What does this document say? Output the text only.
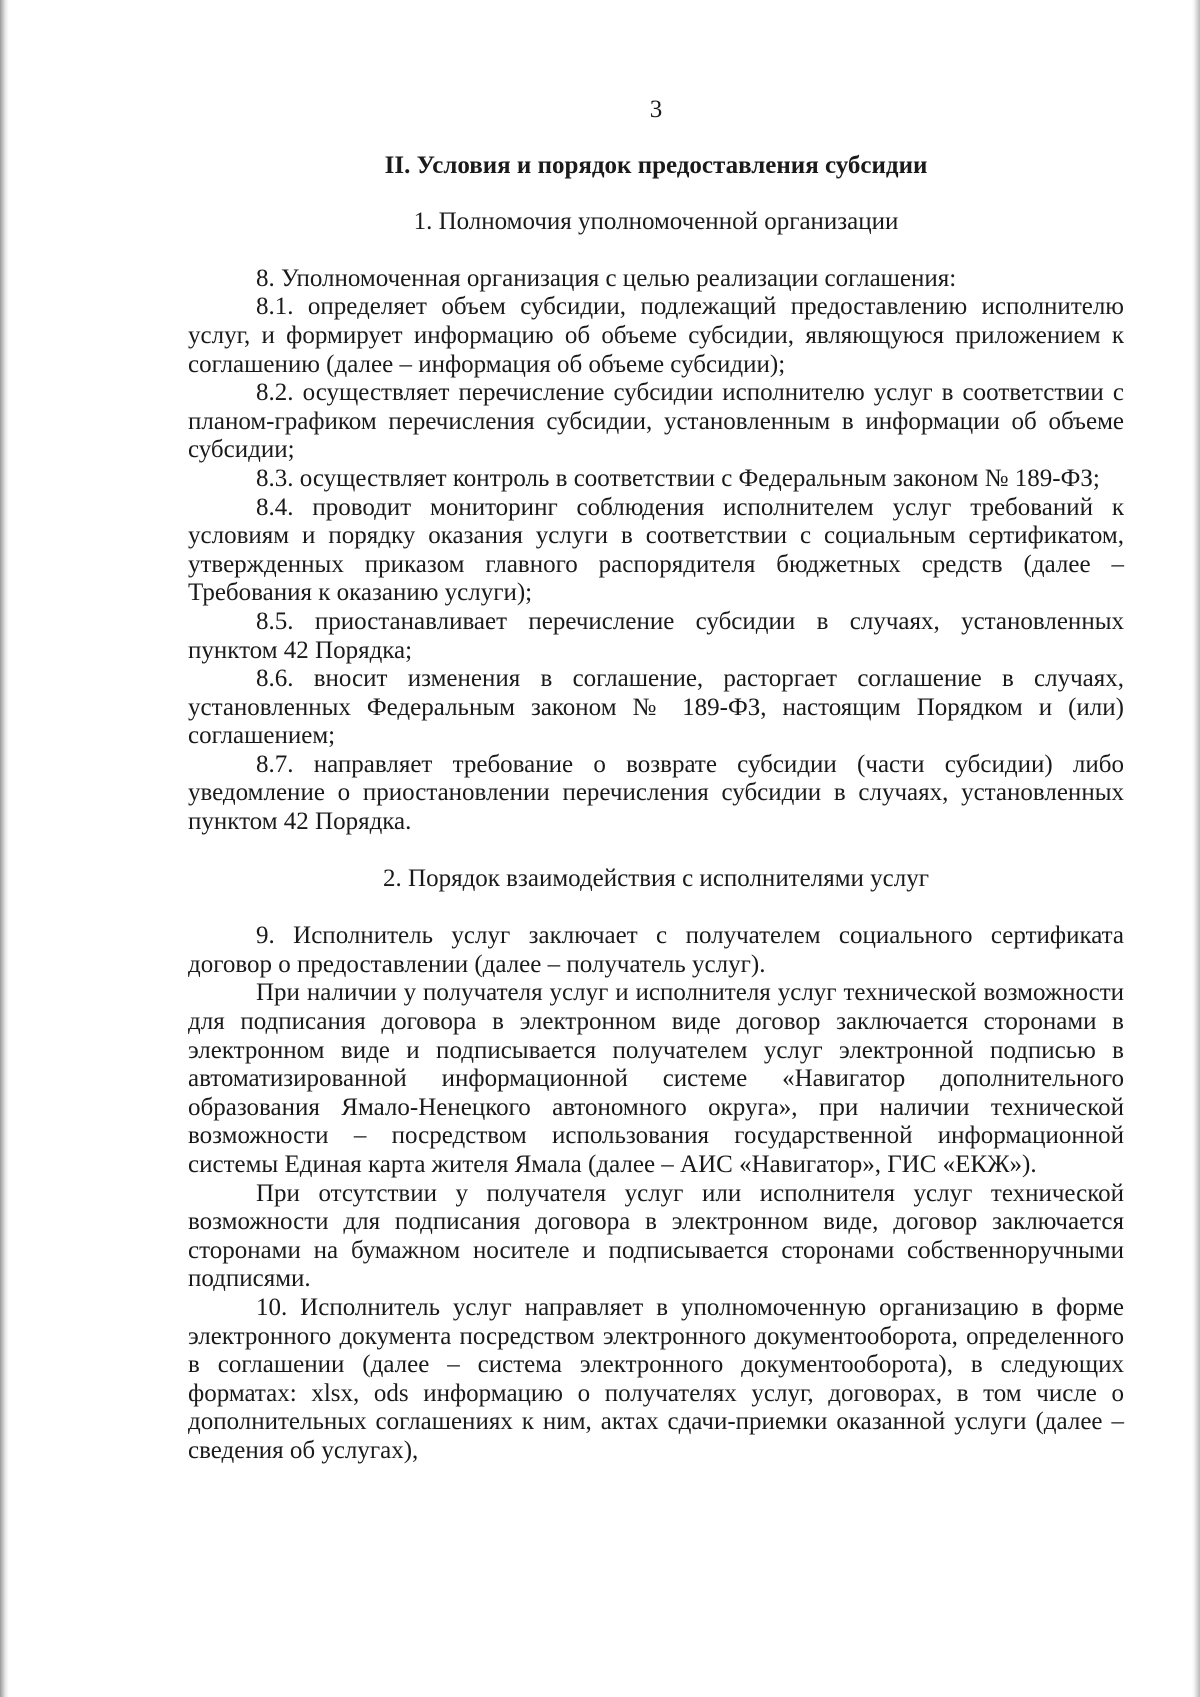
3
II. Условия и порядок предоставления субсидии
1. Полномочия уполномоченной организации

8. Уполномоченная организация с целью реализации соглашения:

8.1. определяет объем субсидии, подлежащий предоставлению исполнителю услуг, и формирует информацию об объеме субсидии, являющуюся приложением к соглашению (далее – информация об объеме субсидии);

8.2. осуществляет перечисление субсидии исполнителю услуг в соответствии с планом-графиком перечисления субсидии, установленным в информации об объеме субсидии;

8.3. осуществляет контроль в соответствии с Федеральным законом № 189-ФЗ;

8.4. проводит мониторинг соблюдения исполнителем услуг требований к условиям и порядку оказания услуги в соответствии с социальным сертификатом, утвержденных приказом главного распорядителя бюджетных средств (далее – Требования к оказанию услуги);

8.5. приостанавливает перечисление субсидии в случаях, установленных пунктом 42 Порядка;

8.6. вносит изменения в соглашение, расторгает соглашение в случаях, установленных Федеральным законом № 189-ФЗ, настоящим Порядком и (или) соглашением;

8.7. направляет требование о возврате субсидии (части субсидии) либо уведомление о приостановлении перечисления субсидии в случаях, установленных пунктом 42 Порядка.

2. Порядок взаимодействия с исполнителями услуг

9. Исполнитель услуг заключает с получателем социального сертификата договор о предоставлении (далее – получатель услуг).

При наличии у получателя услуг и исполнителя услуг технической возможности для подписания договора в электронном виде договор заключается сторонами в электронном виде и подписывается получателем услуг электронной подписью в автоматизированной информационной системе «Навигатор дополнительного образования Ямало-Ненецкого автономного округа», при наличии технической возможности – посредством использования государственной информационной системы Единая карта жителя Ямала (далее – АИС «Навигатор», ГИС «ЕКЖ»).

При отсутствии у получателя услуг или исполнителя услуг технической возможности для подписания договора в электронном виде, договор заключается сторонами на бумажном носителе и подписывается сторонами собственноручными подписями.

10. Исполнитель услуг направляет в уполномоченную организацию в форме электронного документа посредством электронного документооборота, определенного в соглашении (далее – система электронного документооборота), в следующих форматах: xlsx, ods информацию о получателях услуг, договорах, в том числе о дополнительных соглашениях к ним, актах сдачи-приемки оказанной услуги (далее – сведения об услугах),
